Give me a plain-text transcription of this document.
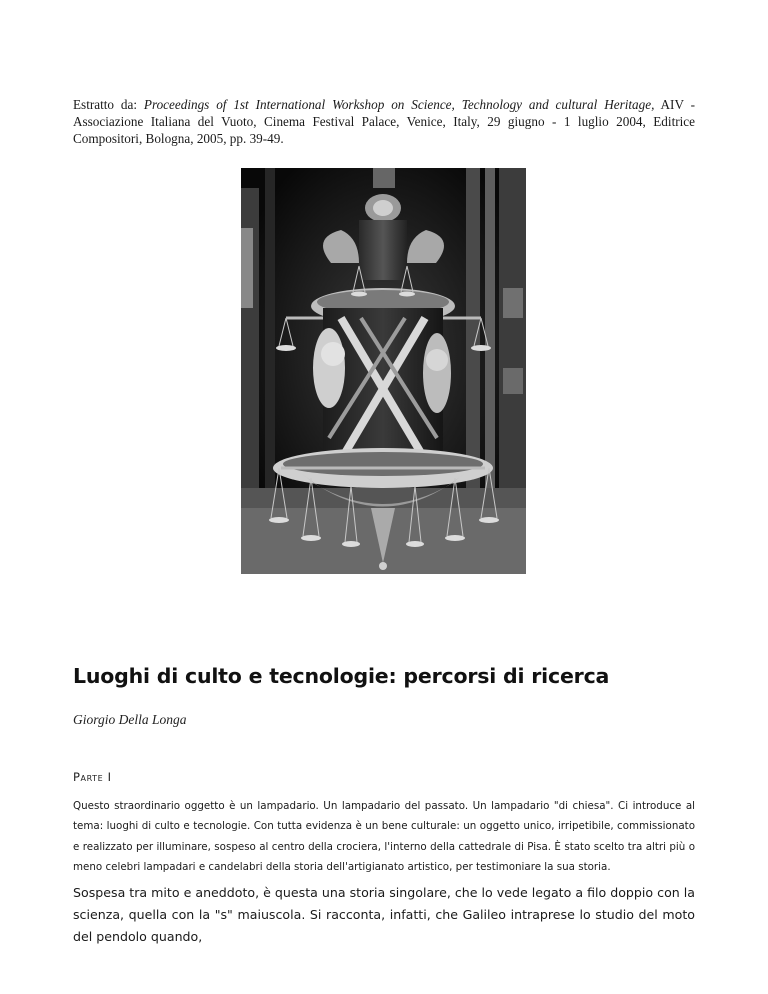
Estratto da: Proceedings of 1st International Workshop on Science, Technology and cultural Heritage, AIV - Associazione Italiana del Vuoto, Cinema Festival Palace, Venice, Italy, 29 giugno - 1 luglio 2004, Editrice Compositori, Bologna, 2005, pp. 39-49.

Luoghi di culto e tecnologie: percorsi di ricerca

Giorgio Della Longa

Parte I

Questo straordinario oggetto è un lampadario. Un lampadario del passato. Un lampadario "di chiesa". Ci introduce al tema: luoghi di culto e tecnologie. Con tutta evidenza è un bene culturale: un oggetto unico, irripetibile, commissionato e realizzato per illuminare, sospeso al centro della crociera, l'interno della cattedrale di Pisa. È stato scelto tra altri più o meno celebri lampadari e candelabri della storia dell'artigianato artistico, per testimoniare la sua storia.

Sospesa tra mito e aneddoto, è questa una storia singolare, che lo vede legato a filo doppio con la scienza, quella con la "s" maiuscola. Si racconta, infatti, che Galileo intraprese lo studio del moto del pendolo quando,
